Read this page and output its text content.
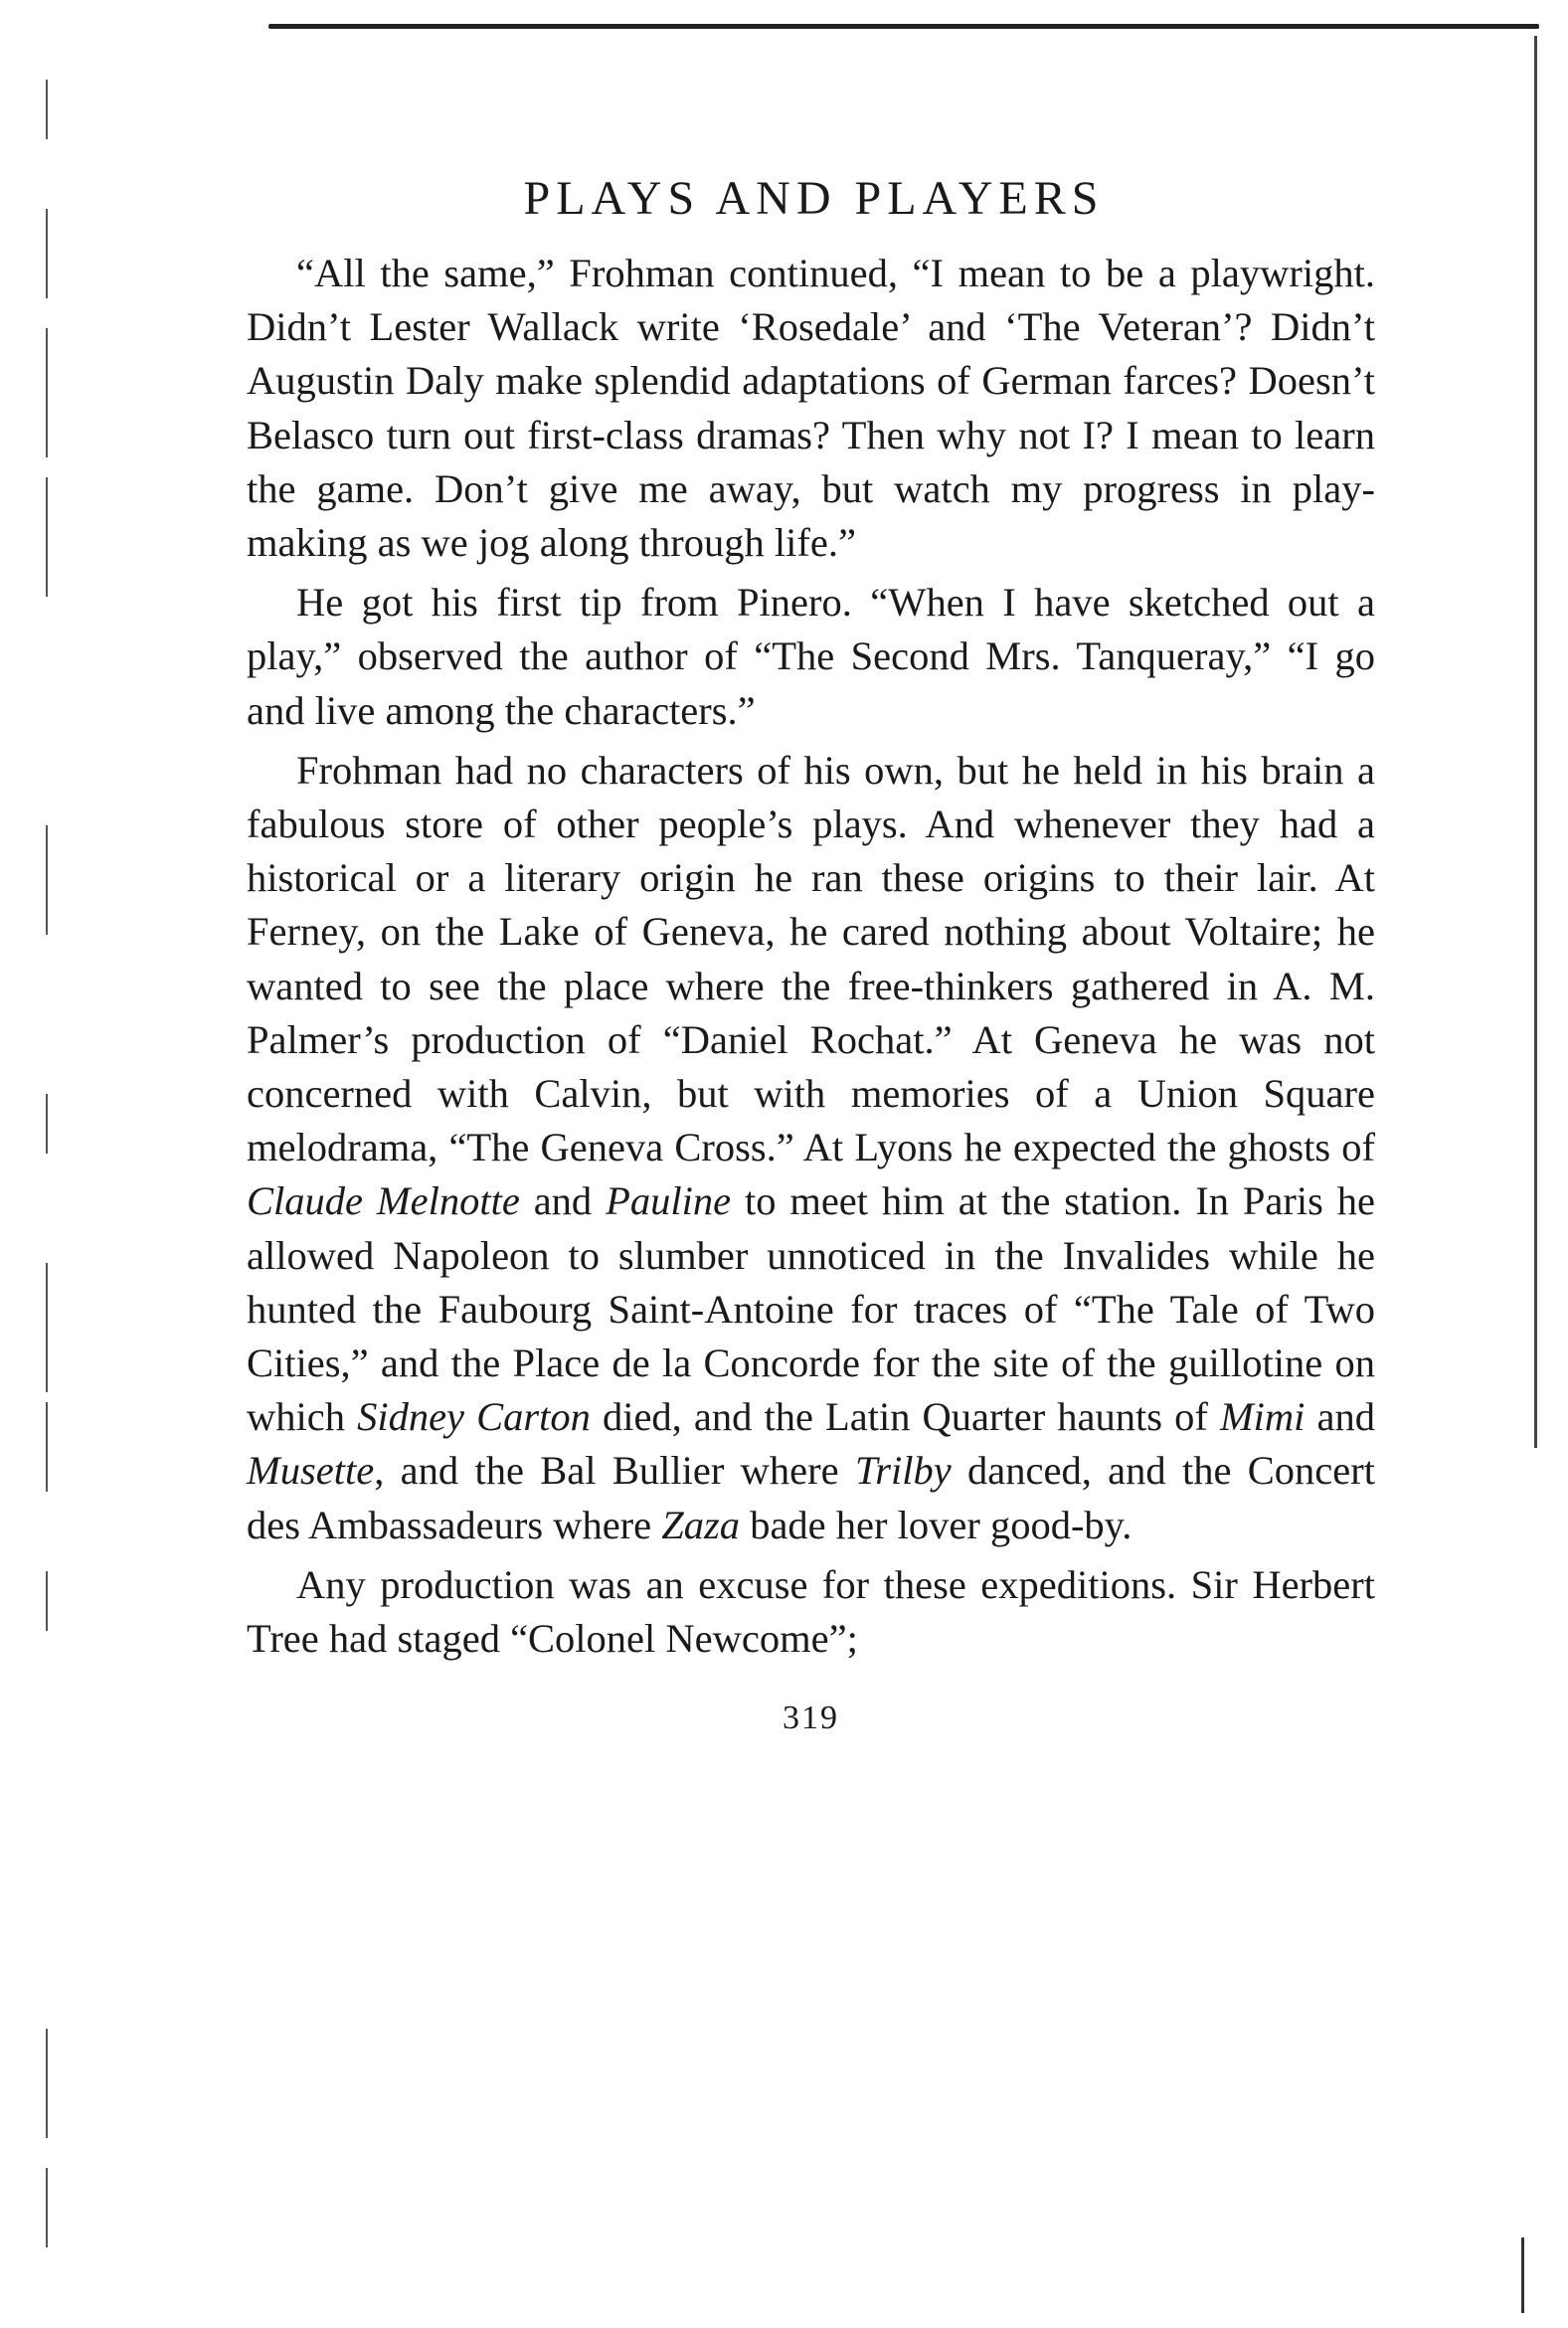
PLAYS AND PLAYERS

“All the same,” Frohman continued, “I mean to be a playwright. Didn’t Lester Wallack write ‘Rosedale’ and ‘The Veteran’? Didn’t Augustin Daly make splendid adaptations of German farces? Doesn’t Belasco turn out first-class dramas? Then why not I? I mean to learn the game. Don’t give me away, but watch my progress in play-making as we jog along through life.”

He got his first tip from Pinero. “When I have sketched out a play,” observed the author of “The Second Mrs. Tanqueray,” “I go and live among the characters.”

Frohman had no characters of his own, but he held in his brain a fabulous store of other people’s plays. And whenever they had a historical or a literary origin he ran these origins to their lair. At Ferney, on the Lake of Geneva, he cared nothing about Voltaire; he wanted to see the place where the free-thinkers gathered in A. M. Palmer’s production of “Daniel Rochat.” At Geneva he was not concerned with Calvin, but with memories of a Union Square melodrama, “The Geneva Cross.” At Lyons he expected the ghosts of Claude Melnotte and Pauline to meet him at the station. In Paris he allowed Napoleon to slumber unnoticed in the Invalides while he hunted the Faubourg Saint-Antoine for traces of “The Tale of Two Cities,” and the Place de la Concorde for the site of the guillotine on which Sidney Carton died, and the Latin Quarter haunts of Mimi and Musette, and the Bal Bullier where Trilby danced, and the Concert des Ambassadeurs where Zaza bade her lover good-by.

Any production was an excuse for these expeditions. Sir Herbert Tree had staged “Colonel Newcome”;

319
